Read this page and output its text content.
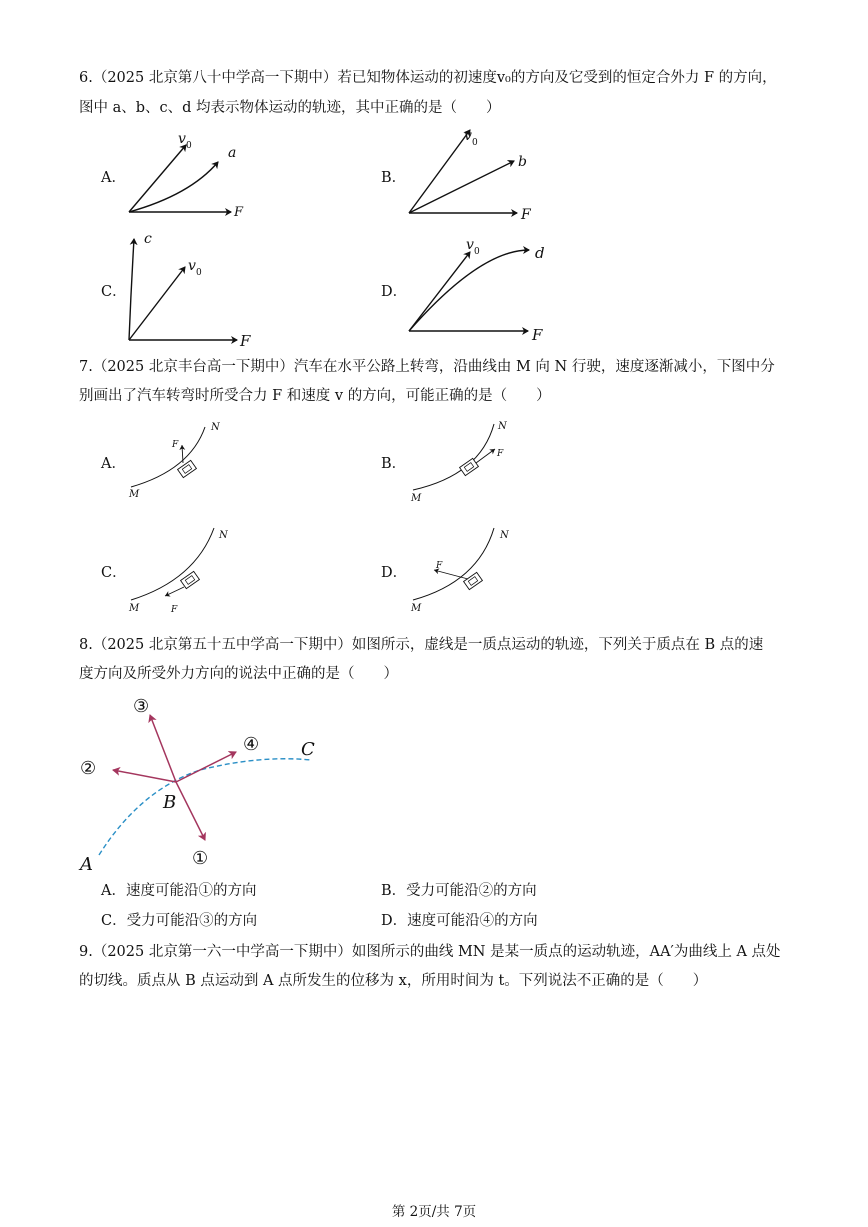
6.（2025 北京第八十中学高一下期中）若已知物体运动的初速度v₀的方向及它受到的恒定合外力 F 的方向，
图中 a、b、c、d 均表示物体运动的轨迹，其中正确的是（　　）
A．
v 0	a
F
v 0
b
F
c
v 0
F
v 0	d
F
F
N
M
F
N
M
F
N
M
F
N
M
③
②
④
①
B
C
A
B．
C．	D．
7.（2025 北京丰台高一下期中）汽车在水平公路上转弯，沿曲线由 M 向 N 行驶，速度逐渐减小，下图中分
别画出了汽车转弯时所受合力 F 和速度 v 的方向，可能正确的是（　　）
A．	B．
C．	D．
8.（2025 北京第五十五中学高一下期中）如图所示，虚线是一质点运动的轨迹，下列关于质点在 B 点的速
度方向及所受外力方向的说法中正确的是（　　）
A．速度可能沿①的方向	B．受力可能沿②的方向
C．受力可能沿③的方向	D．速度可能沿④的方向
9.（2025 北京第一六一中学高一下期中）如图所示的曲线 MN 是某一质点的运动轨迹，AA′为曲线上 A 点处
的切线。质点从 B 点运动到 A 点所发生的位移为 x，所用时间为 t。下列说法不正确的是（　　）
第 2页/共 7页
